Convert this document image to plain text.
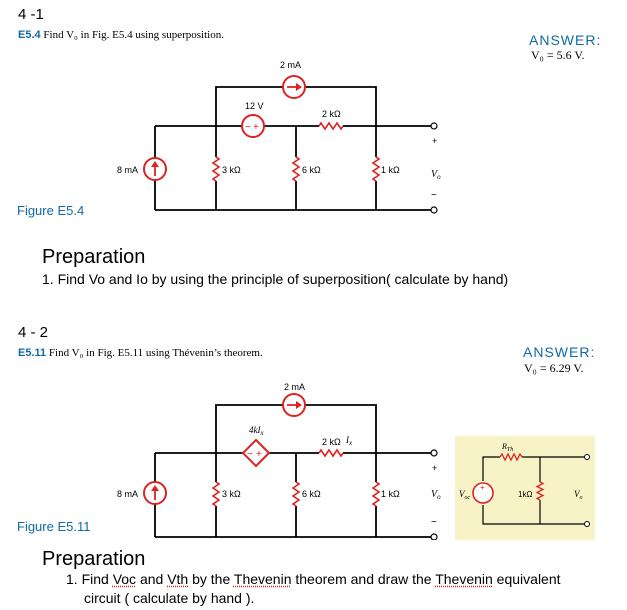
4 -1
E5.4 Find V₀ in Fig. E5.4 using superposition.	ANSWER:
V₀ = 5.6 V.
− +
2 mA
12 V
2 kΩ
8 mA	3 kΩ	6 kΩ	1 kΩ
+
$V_o$
−
Figure E5.4
Preparation
1. Find Vo and Io by using the principle of superposition( calculate by hand)
4 - 2
E5.11 Find V₀ in Fig. E5.11 using Thévenin’s theorem.	ANSWER:
V₀ = 6.29 V.
− +
2 mA
$4kI_x$
2 kΩ $I_x$
8 mA	3 kΩ	6 kΩ	1 kΩ
+
$V_o$
−
+
$R_{Th}$
$V_{oc}$	1kΩ	$V_o$
Figure E5.11
Preparation
1. Find Voc and Vth by the Thevenin theorem and draw the Thevenin equivalent
circuit ( calculate by hand ).
